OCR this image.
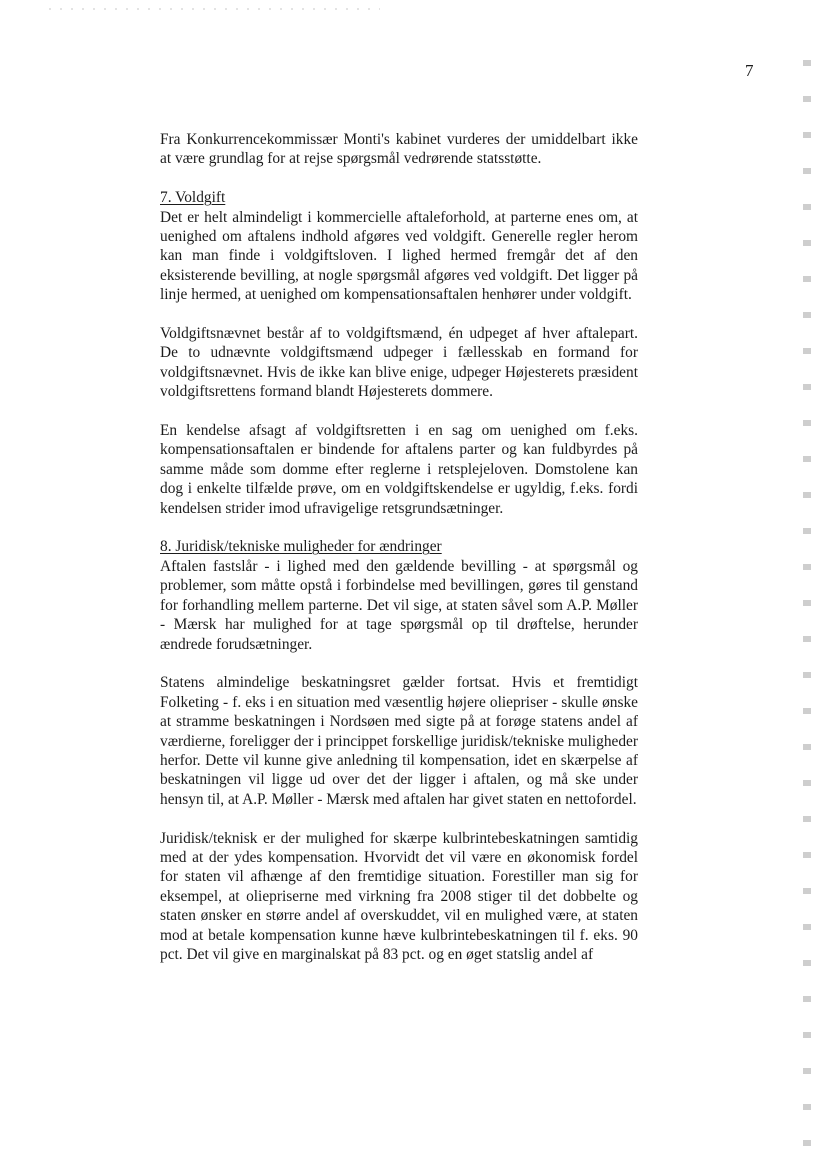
7

Fra Konkurrencekommissær Monti's kabinet vurderes der umiddelbart ikke at være grundlag for at rejse spørgsmål vedrørende statsstøtte.

7. Voldgift

Det er helt almindeligt i kommercielle aftaleforhold, at parterne enes om, at uenighed om aftalens indhold afgøres ved voldgift. Generelle regler herom kan man finde i voldgiftsloven. I lighed hermed fremgår det af den eksisterende bevilling, at nogle spørgsmål afgøres ved voldgift. Det ligger på linje hermed, at uenighed om kompensationsaftalen henhører under voldgift.

Voldgiftsnævnet består af to voldgiftsmænd, én udpeget af hver aftalepart. De to udnævnte voldgiftsmænd udpeger i fællesskab en formand for voldgiftsnævnet. Hvis de ikke kan blive enige, udpeger Højesterets præsident voldgiftsrettens formand blandt Højesterets dommere.

En kendelse afsagt af voldgiftsretten i en sag om uenighed om f.eks. kompensationsaftalen er bindende for aftalens parter og kan fuldbyrdes på samme måde som domme efter reglerne i retsplejeloven. Domstolene kan dog i enkelte tilfælde prøve, om en voldgiftskendelse er ugyldig, f.eks. fordi kendelsen strider imod ufravigelige retsgrundsætninger.

8. Juridisk/tekniske muligheder for ændringer

Aftalen fastslår - i lighed med den gældende bevilling - at spørgsmål og problemer, som måtte opstå i forbindelse med bevillingen, gøres til genstand for forhandling mellem parterne. Det vil sige, at staten såvel som A.P. Møller - Mærsk har mulighed for at tage spørgsmål op til drøftelse, herunder ændrede forudsætninger.

Statens almindelige beskatningsret gælder fortsat. Hvis et fremtidigt Folketing - f. eks i en situation med væsentlig højere oliepriser - skulle ønske at stramme beskatningen i Nordsøen med sigte på at forøge statens andel af værdierne, foreligger der i princippet forskellige juridisk/tekniske muligheder herfor. Dette vil kunne give anledning til kompensation, idet en skærpelse af beskatningen vil ligge ud over det der ligger i aftalen, og må ske under hensyn til, at A.P. Møller - Mærsk med aftalen har givet staten en nettofordel.

Juridisk/teknisk er der mulighed for skærpe kulbrintebeskatningen samtidig med at der ydes kompensation. Hvorvidt det vil være en økonomisk fordel for staten vil afhænge af den fremtidige situation. Forestiller man sig for eksempel, at oliepriserne med virkning fra 2008 stiger til det dobbelte og staten ønsker en større andel af overskuddet, vil en mulighed være, at staten mod at betale kompensation kunne hæve kulbrintebeskatningen til f. eks. 90 pct. Det vil give en marginalskat på 83 pct. og en øget statslig andel af
